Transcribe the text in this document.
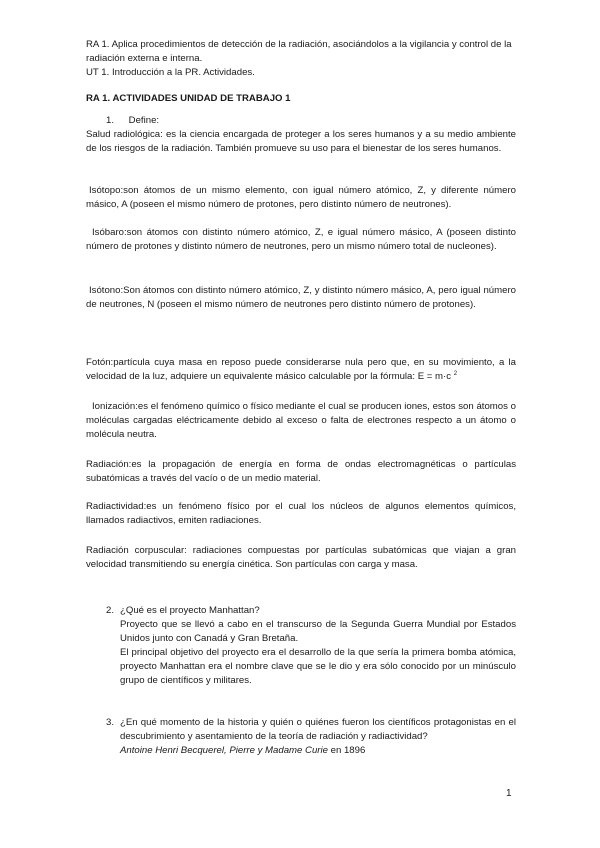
RA 1. Aplica procedimientos de detección de la radiación, asociándolos a la vigilancia y control de la radiación externa e interna.
UT 1. Introducción a la PR. Actividades.
RA 1. ACTIVIDADES UNIDAD DE TRABAJO 1
1. Define:
Salud radiológica: es la ciencia encargada de proteger a los seres humanos y a su medio ambiente de los riesgos de la radiación. También promueve su uso para el bienestar de los seres humanos.
Isótopo:son átomos de un mismo elemento, con igual número atómico, Z, y diferente número másico, A (poseen el mismo número de protones, pero distinto número de neutrones).
Isóbaro:son átomos con distinto número atómico, Z, e igual número másico, A (poseen distinto número de protones y distinto número de neutrones, pero un mismo número total de nucleones).
Isótono:Son átomos con distinto número atómico, Z, y distinto número másico, A, pero igual número de neutrones, N (poseen el mismo número de neutrones pero distinto número de protones).
Fotón:partícula cuya masa en reposo puede considerarse nula pero que, en su movimiento, a la velocidad de la luz, adquiere un equivalente másico calculable por la fórmula: E = m·c $^2$
Ionización:es el fenómeno químico o físico mediante el cual se producen iones, estos son átomos o moléculas cargadas eléctricamente debido al exceso o falta de electrones respecto a un átomo o molécula neutra.
Radiación:es la propagación de energía en forma de ondas electromagnéticas o partículas subatómicas a través del vacío o de un medio material.
Radiactividad:es un fenómeno físico por el cual los núcleos de algunos elementos químicos, llamados radiactivos, emiten radiaciones.
Radiación corpuscular: radiaciones compuestas por partículas subatómicas que viajan a gran velocidad transmitiendo su energía cinética. Son partículas con carga y masa.
2. ¿Qué es el proyecto Manhattan?
Proyecto que se llevó a cabo en el transcurso de la Segunda Guerra Mundial por Estados Unidos junto con Canadá y Gran Bretaña.
El principal objetivo del proyecto era el desarrollo de la que sería la primera bomba atómica, proyecto Manhattan era el nombre clave que se le dio y era sólo conocido por un minúsculo grupo de científicos y militares.
3. ¿En qué momento de la historia y quién o quiénes fueron los científicos protagonistas en el descubrimiento y asentamiento de la teoría de radiación y radiactividad?
Antoine Henri Becquerel, Pierre y Madame Curie en 1896
1
